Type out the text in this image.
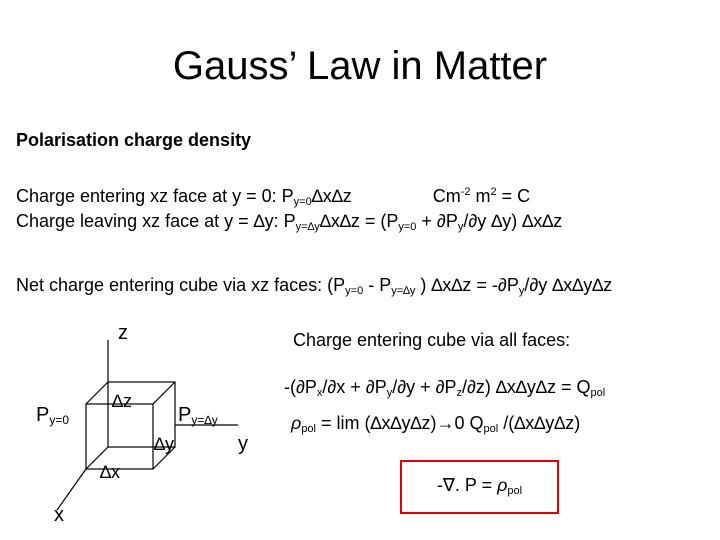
Gauss’ Law in Matter
Polarisation charge density
Charge entering xz face at y = 0: $P_{y=0}\Delta x\Delta z$	$Cm^{-2}$ $m^2 = C$
Charge leaving xz face at y = ∆y: $P_{y=\Delta y}\Delta x\Delta z = (P_{y=0} + \partial P_y/\partial y$ ∆y) ∆x∆z
Net charge entering cube via xz faces: ($P_{y=0} - P_{y=\Delta y}$ ) $\Delta x\Delta z = -\partial P_y/\partial y$ ∆x∆y∆z
z
y
x
$P_{y=0}$	$P_{y=\Delta y}$
∆z
∆y
∆x
Charge entering cube via all faces:
$-(\partial P_x/\partial x + \partial P_y/\partial y + \partial P_z/\partial z) \Delta x\Delta y\Delta z = Q_{pol}$
$\rho_{pol} = \lim (\Delta x\Delta y\Delta z)\to 0$ $Q_{pol}$ /(∆x∆y∆z)
-∇. $P = \rho_{pol}$
